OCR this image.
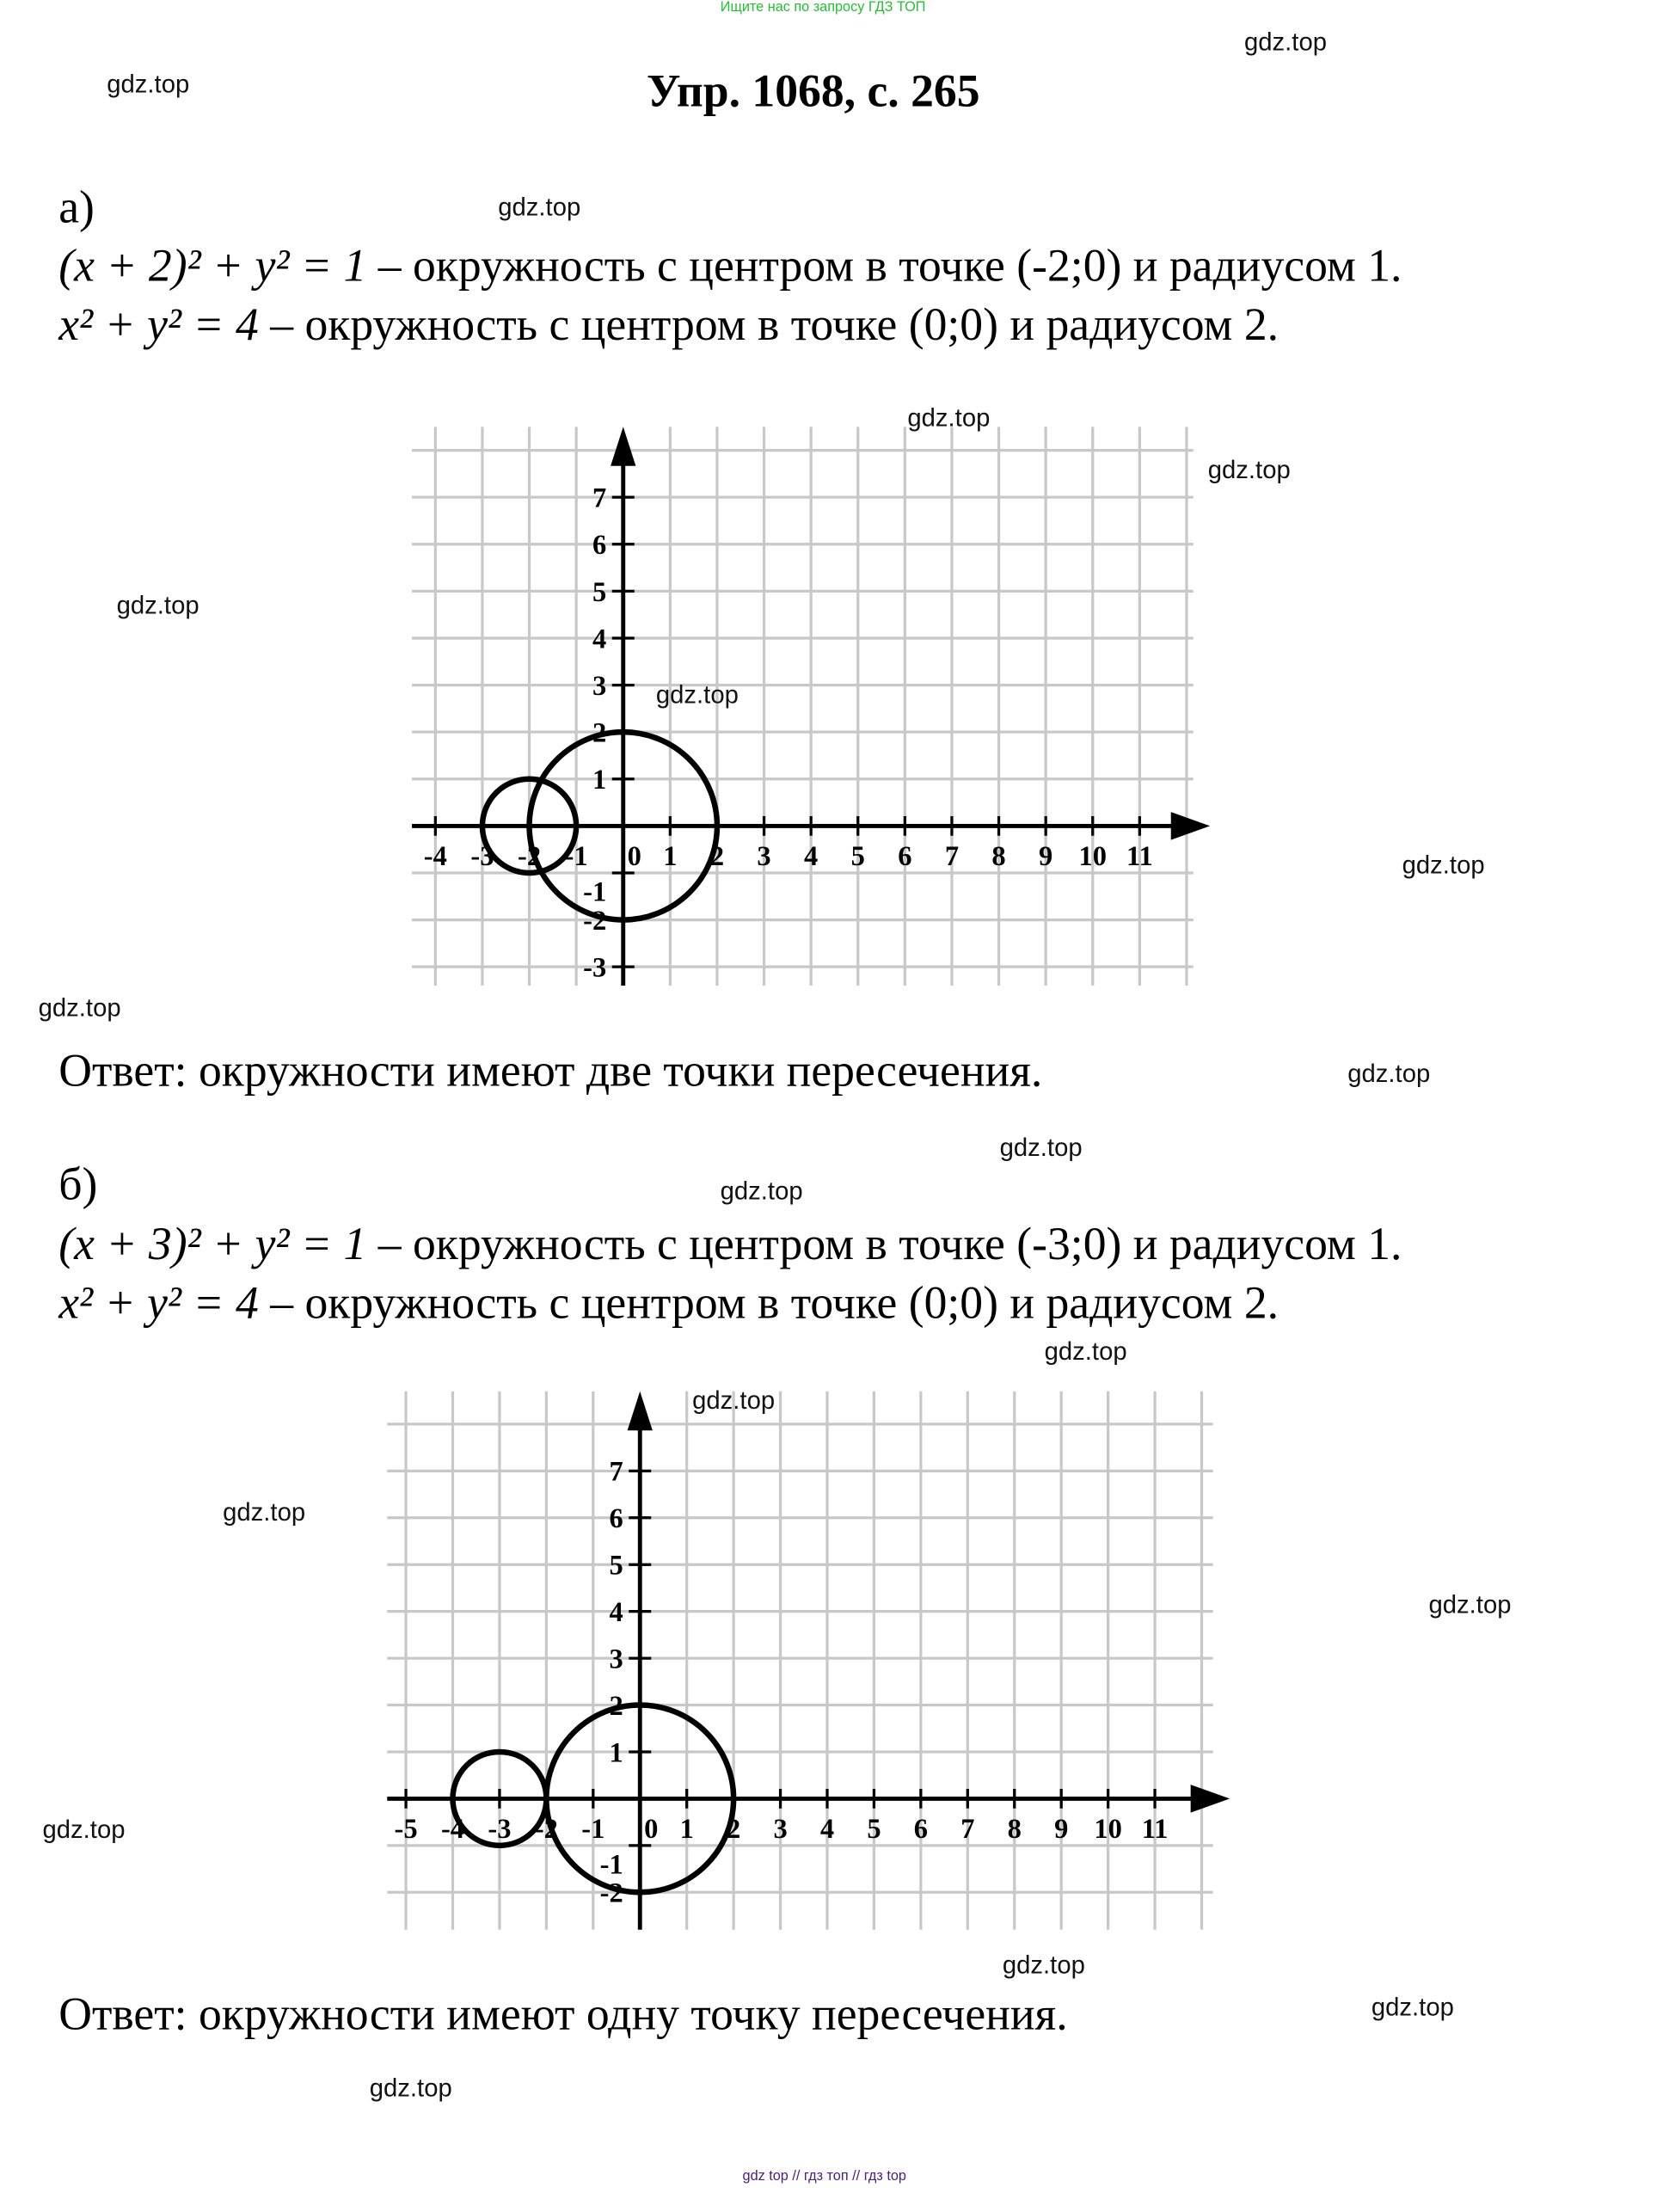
Ищите нас по запросу ГДЗ ТОП
Упр. 1068, с. 265
а)
(x + 2)² + y² = 1 – окружность с центром в точке (-2;0) и радиусом 1.
x² + y² = 4 – окружность с центром в точке (0;0) и радиусом 2.
Ответ: окружности имеют две точки пересечения.
б)
(x + 3)² + y² = 1 – окружность с центром в точке (-3;0) и радиусом 1.
x² + y² = 4 – окружность с центром в точке (0;0) и радиусом 2.
Ответ: окружности имеют одну точку пересечения.
-4 -3 -2 -1 0 1 2 3 4 5 6 7 8 9 10 11
-3
-2
-1
1
2
3
4
5
6
7
-5 -4 -3 -2 -1 0 1 2 3 4 5 6 7 8 9 10 11
-2
-1
1
2
3
4
5
6
7
gdz.top
gdz.top
gdz.top
gdz.top
gdz.top
gdz.top
gdz.top
gdz.top
gdz.top
gdz.top
gdz.top
gdz.top
gdz.top
gdz.top
gdz.top
gdz.top
gdz.top
gdz.top
gdz.top
gdz.top
gdz top // гдз топ // гдз top
